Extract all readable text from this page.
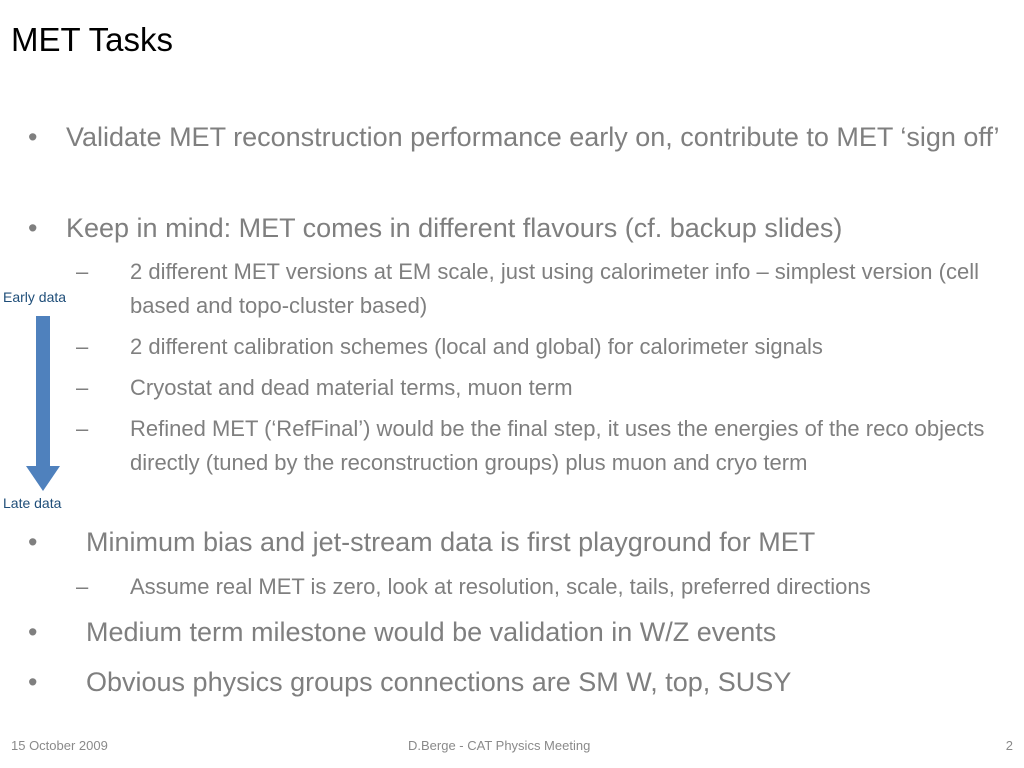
MET Tasks
•	Validate MET reconstruction performance early on, contribute to MET ‘sign off’
•	Keep in mind: MET comes in different flavours (cf. backup slides)
–	2 different MET versions at EM scale, just using calorimeter info – simplest version (cell based and topo-cluster based)
–	2 different calibration schemes (local and global) for calorimeter signals
–	Cryostat and dead material terms, muon term
–	Refined MET (‘RefFinal’) would be the final step, it uses the energies of the reco objects directly (tuned by the reconstruction groups) plus muon and cryo term
Early data
Late data
•	Minimum bias and jet-stream data is first playground for MET
–	Assume real MET is zero, look at resolution, scale, tails, preferred directions
•	Medium term milestone would be validation in W/Z events
•	Obvious physics groups connections are SM W, top, SUSY
15 October 2009	D.Berge - CAT Physics Meeting	2
